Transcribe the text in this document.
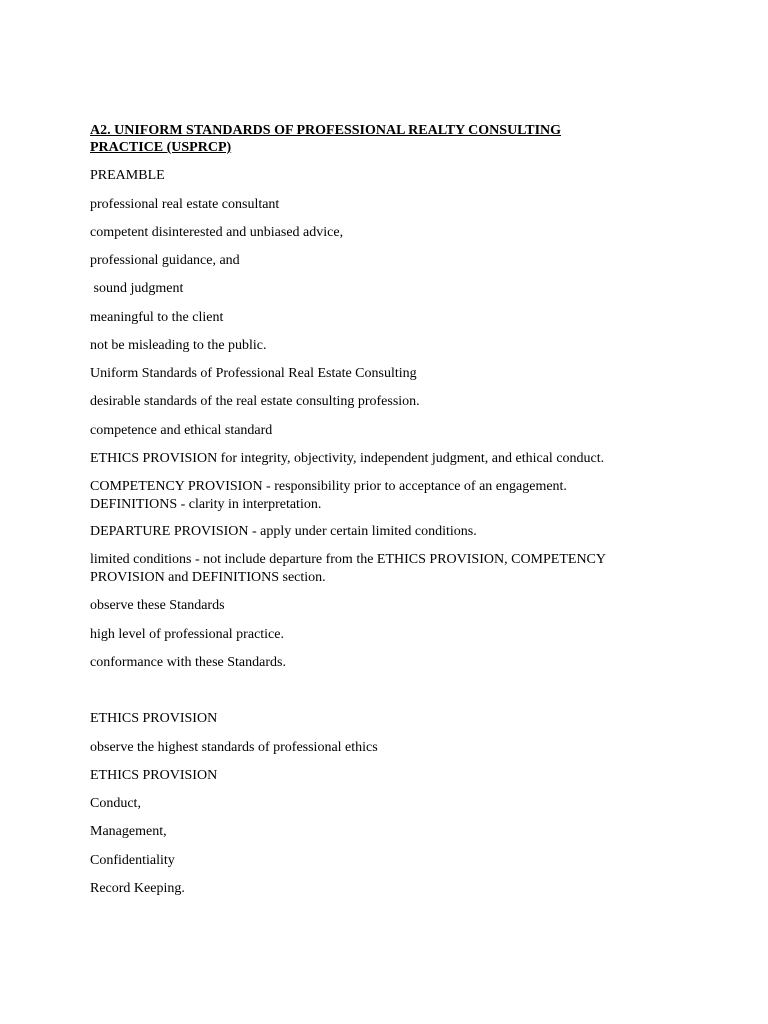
A2. UNIFORM STANDARDS OF PROFESSIONAL REALTY CONSULTING
PRACTICE (USPRCP)
PREAMBLE
professional real estate consultant
competent disinterested and unbiased advice,
professional guidance, and
sound judgment
meaningful to the client
not be misleading to the public.
Uniform Standards of Professional Real Estate Consulting
desirable standards of the real estate consulting profession.
competence and ethical standard
ETHICS PROVISION for integrity, objectivity, independent judgment, and ethical conduct.
COMPETENCY PROVISION - responsibility prior to acceptance of an engagement.
DEFINITIONS - clarity in interpretation.
DEPARTURE PROVISION - apply under certain limited conditions.
limited conditions - not include departure from the ETHICS PROVISION, COMPETENCY
PROVISION and DEFINITIONS section.
observe these Standards
high level of professional practice.
conformance with these Standards.
ETHICS PROVISION
observe the highest standards of professional ethics
ETHICS PROVISION
Conduct,
Management,
Confidentiality
Record Keeping.
